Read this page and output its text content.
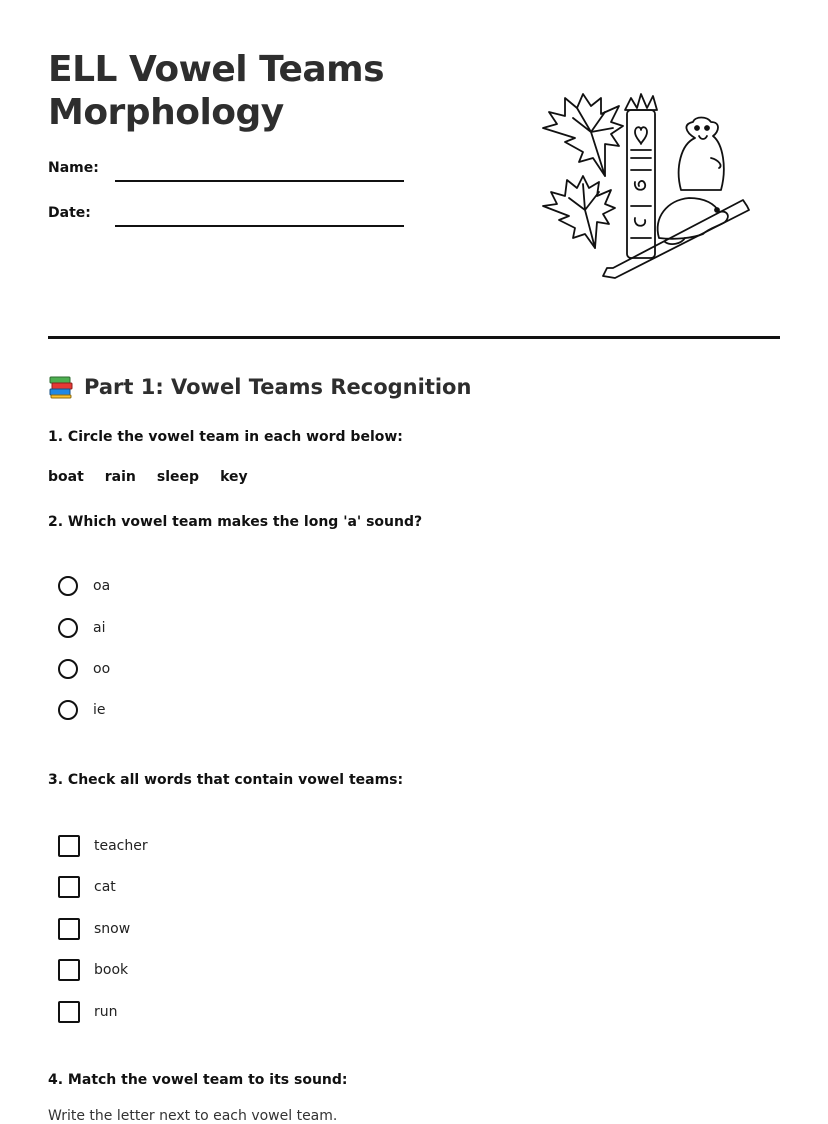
ELL Vowel Teams
Morphology
Name:
Date:
Part 1: Vowel Teams Recognition

1. Circle the vowel team in each word below:

boat rain sleep key

2. Which vowel team makes the long 'a' sound?

oa
ai
oo
ie

3. Check all words that contain vowel teams:

teacher
cat
snow
book
run

4. Match the vowel team to its sound:

Write the letter next to each vowel team.
